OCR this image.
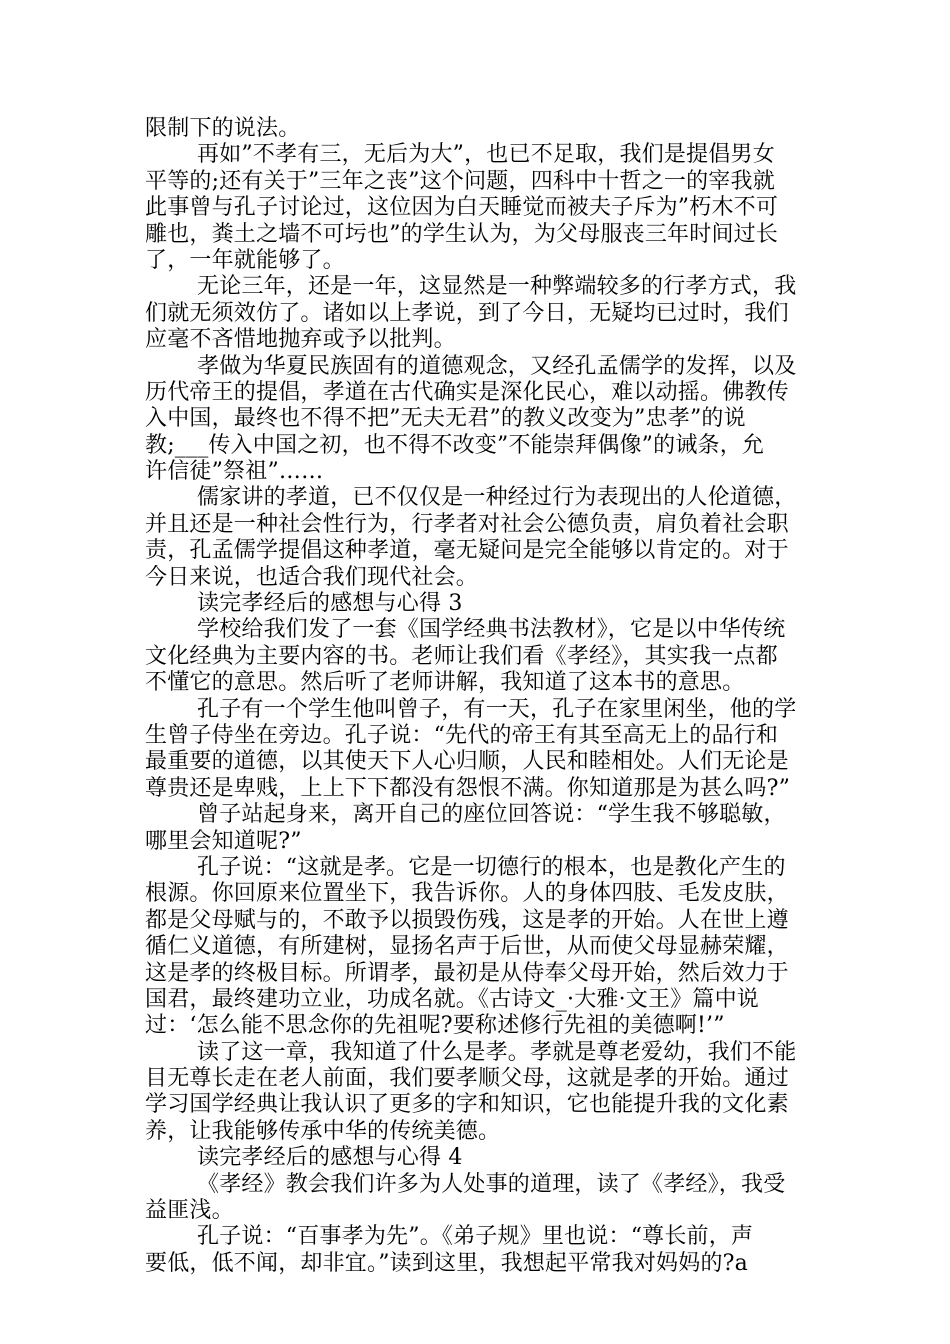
限制下的说法。
再如”不孝有三，无后为大”，也已不足取，我们是提倡男女
平等的;还有关于”三年之丧”这个问题，四科中十哲之一的宰我就
此事曾与孔子讨论过，这位因为白天睡觉而被夫子斥为”朽木不可
雕也，粪土之墙不可圬也”的学生认为，为父母服丧三年时间过长
了，一年就能够了。
无论三年，还是一年，这显然是一种弊端较多的行孝方式，我
们就无须效仿了。诸如以上孝说，到了今日，无疑均已过时，我们
应毫不吝惜地抛弃或予以批判。
孝做为华夏民族固有的道德观念，又经孔孟儒学的发挥，以及
历代帝王的提倡，孝道在古代确实是深化民心，难以动摇。佛教传
入中国，最终也不得不把”无夫无君”的教义改变为”忠孝”的说
教;___传入中国之初，也不得不改变”不能崇拜偶像”的诫条，允
许信徒”祭祖”……
儒家讲的孝道，已不仅仅是一种经过行为表现出的人伦道德，
并且还是一种社会性行为，行孝者对社会公德负责，肩负着社会职
责，孔孟儒学提倡这种孝道，毫无疑问是完全能够以肯定的。对于
今日来说，也适合我们现代社会。
读完孝经后的感想与心得 3
学校给我们发了一套《国学经典书法教材》，它是以中华传统
文化经典为主要内容的书。老师让我们看《孝经》，其实我一点都
不懂它的意思。然后听了老师讲解，我知道了这本书的意思。
孔子有一个学生他叫曾子，有一天，孔子在家里闲坐，他的学
生曾子侍坐在旁边。孔子说：“先代的帝王有其至高无上的品行和
最重要的道德，以其使天下人心归顺，人民和睦相处。人们无论是
尊贵还是卑贱，上上下下都没有怨恨不满。你知道那是为甚么吗?”
曾子站起身来，离开自己的座位回答说：“学生我不够聪敏，
哪里会知道呢?”
孔子说：“这就是孝。它是一切德行的根本，也是教化产生的
根源。你回原来位置坐下，我告诉你。人的身体四肢、毛发皮肤，
都是父母赋与的，不敢予以损毁伤残，这是孝的开始。人在世上遵
循仁义道德，有所建树，显扬名声于后世，从而使父母显赫荣耀，
这是孝的终极目标。所谓孝，最初是从侍奉父母开始，然后效力于
国君，最终建功立业，功成名就。《古诗文_·大雅·文王》篇中说
过：‘怎么能不思念你的先祖呢?要称述修行先祖的美德啊!’”
读了这一章，我知道了什么是孝。孝就是尊老爱幼，我们不能
目无尊长走在老人前面，我们要孝顺父母，这就是孝的开始。通过
学习国学经典让我认识了更多的字和知识，它也能提升我的文化素
养，让我能够传承中华的传统美德。
读完孝经后的感想与心得 4
《孝经》教会我们许多为人处事的道理，读了《孝经》，我受
益匪浅。
孔子说：“百事孝为先”。《弟子规》里也说：“尊长前，声
要低，低不闻，却非宜。”读到这里，我想起平常我对妈妈的?a
